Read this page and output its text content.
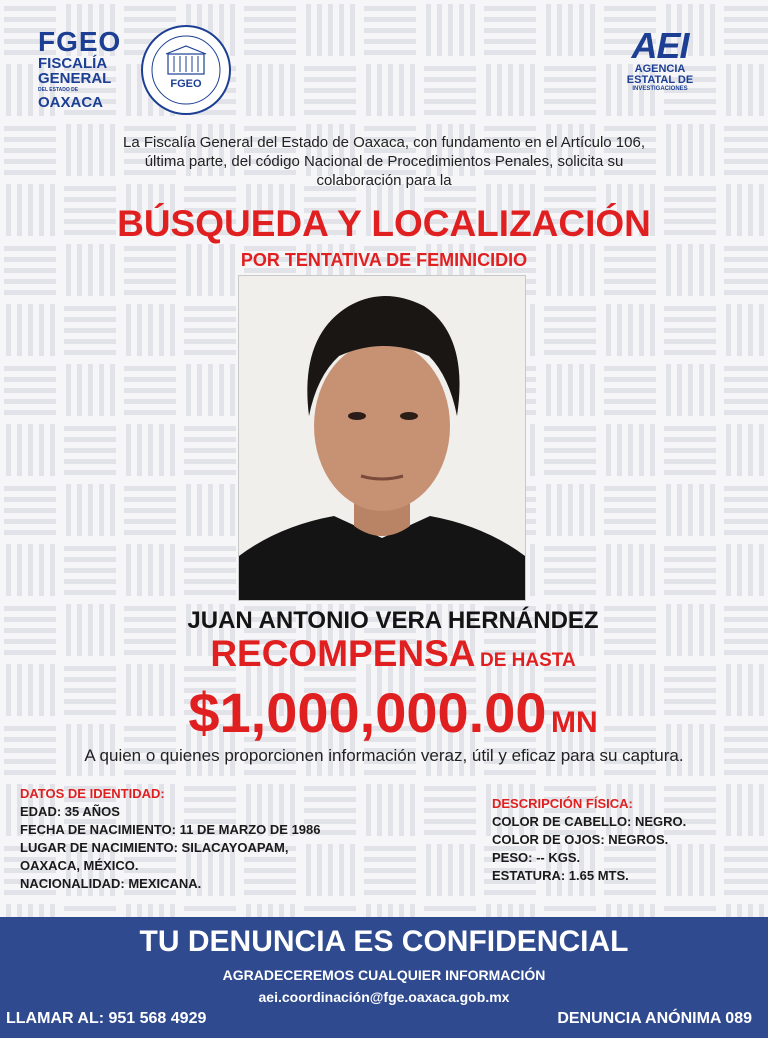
FGEO
FISCALÍA
GENERAL
DEL ESTADO DE
OAXACA
FGEO
AEI
AGENCIA
ESTATAL DE
INVESTIGACIONES
La Fiscalía General del Estado de Oaxaca, con fundamento en el Artículo 106,
última parte, del código Nacional de Procedimientos Penales, solicita su
colaboración para la
BÚSQUEDA Y LOCALIZACIÓN
POR TENTATIVA DE FEMINICIDIO
JUAN ANTONIO VERA HERNÁNDEZ
RECOMPENSA DE HASTA
$1,000,000.00 MN
A quien o quienes proporcionen información veraz, útil y eficaz para su captura.
DATOS DE IDENTIDAD:
EDAD: 35 AÑOS
FECHA DE NACIMIENTO: 11 DE MARZO DE 1986
LUGAR DE NACIMIENTO: SILACAYOAPAM,
OAXACA, MÉXICO.
NACIONALIDAD: MEXICANA.
DESCRIPCIÓN FÍSICA:
COLOR DE CABELLO: NEGRO.
COLOR DE OJOS: NEGROS.
PESO: -- KGS.
ESTATURA: 1.65 MTS.
TU DENUNCIA ES CONFIDENCIAL
AGRADECEREMOS CUALQUIER INFORMACIÓN
aei.coordinación@fge.oaxaca.gob.mx
LLAMAR AL: 951 568 4929	DENUNCIA ANÓNIMA 089
